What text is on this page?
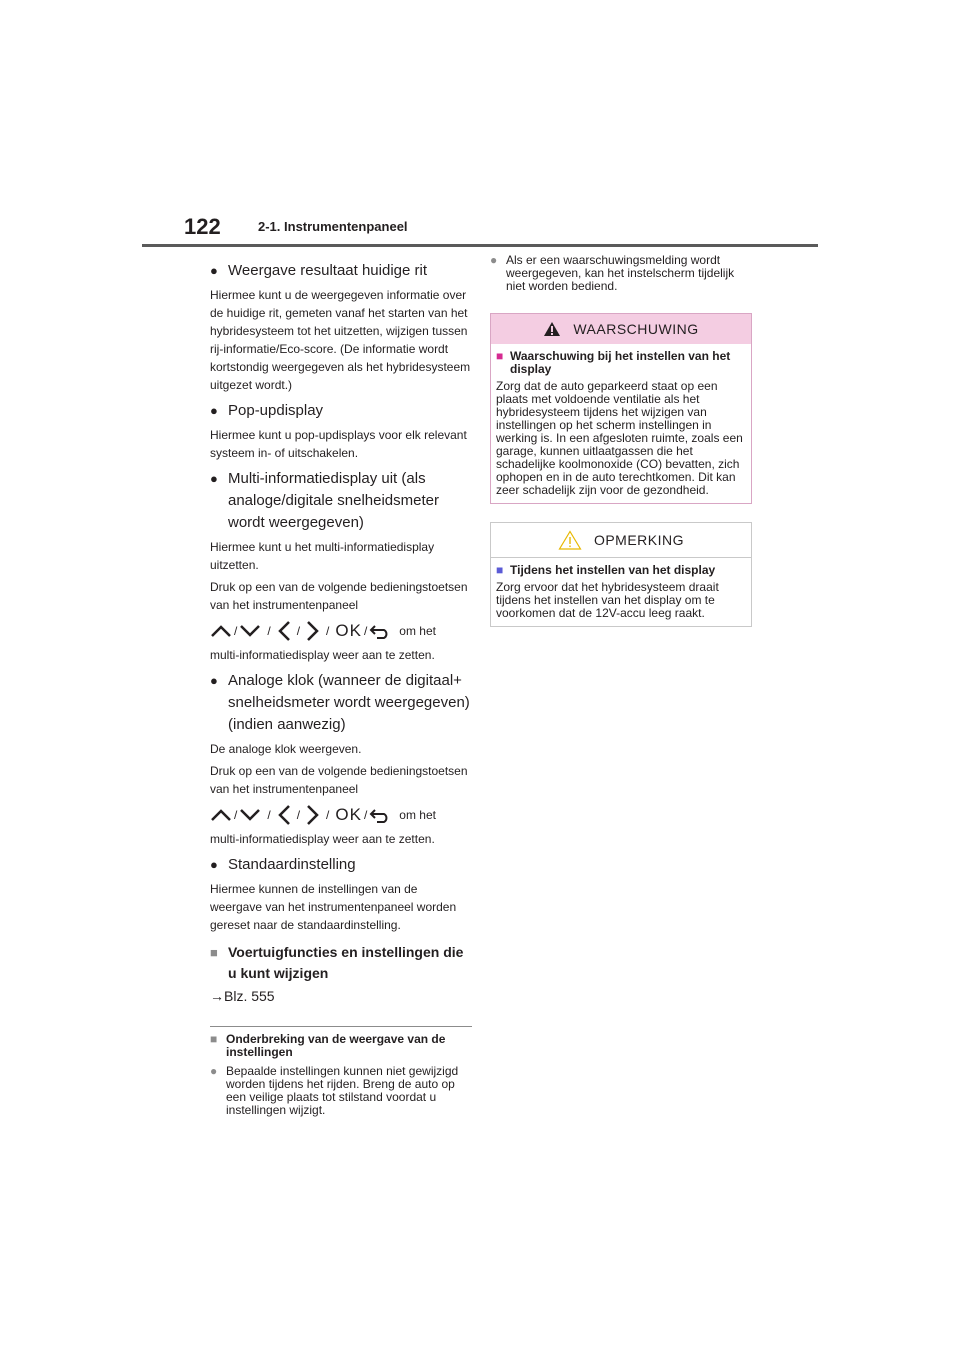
122	2-1. Instrumentenpaneel
● Weergave resultaat huidige rit
Hiermee kunt u de weergegeven informatie over de huidige rit, gemeten vanaf het starten van het hybridesysteem tot het uitzetten, wijzigen tussen rij-informatie/Eco-score. (De informatie wordt kortstondig weergegeven als het hybridesysteem uitgezet wordt.)
● Pop-updisplay
Hiermee kunt u pop-updisplays voor elk relevant systeem in- of uitschakelen.
● Multi-informatiedisplay uit (als analoge/digitale snelheidsmeter wordt weergegeven)
Hiermee kunt u het multi-informatiedisplay uitzetten.
Druk op een van de volgende bedieningstoetsen van het instrumentenpaneel
/	/ / / OK /	om het
multi-informatiedisplay weer aan te zetten.
● Analoge klok (wanneer de digitaal+ snelheidsmeter wordt weergegeven) (indien aanwezig)
De analoge klok weergeven.
Druk op een van de volgende bedieningstoetsen van het instrumentenpaneel
/	/ / / OK /	om het
multi-informatiedisplay weer aan te zetten.
● Standaardinstelling
Hiermee kunnen de instellingen van de weergave van het instrumentenpaneel worden gereset naar de standaardinstelling.
■ Voertuigfuncties en instellingen die u kunt wijzigen
→Blz. 555
■ Onderbreking van de weergave van de instellingen
● Bepaalde instellingen kunnen niet gewijzigd worden tijdens het rijden. Breng de auto op een veilige plaats tot stilstand voordat u instellingen wijzigt.
● Als er een waarschuwingsmelding wordt weergegeven, kan het instelscherm tijdelijk niet worden bediend.
WAARSCHUWING
■ Waarschuwing bij het instellen van het display
Zorg dat de auto geparkeerd staat op een plaats met voldoende ventilatie als het hybridesysteem tijdens het wijzigen van instellingen op het scherm instellingen in werking is. In een afgesloten ruimte, zoals een garage, kunnen uitlaatgassen die het schadelijke koolmonoxide (CO) bevatten, zich ophopen en in de auto terechtkomen. Dit kan zeer schadelijk zijn voor de gezondheid.
OPMERKING
■ Tijdens het instellen van het display
Zorg ervoor dat het hybridesysteem draait tijdens het instellen van het display om te voorkomen dat de 12V-accu leeg raakt.
